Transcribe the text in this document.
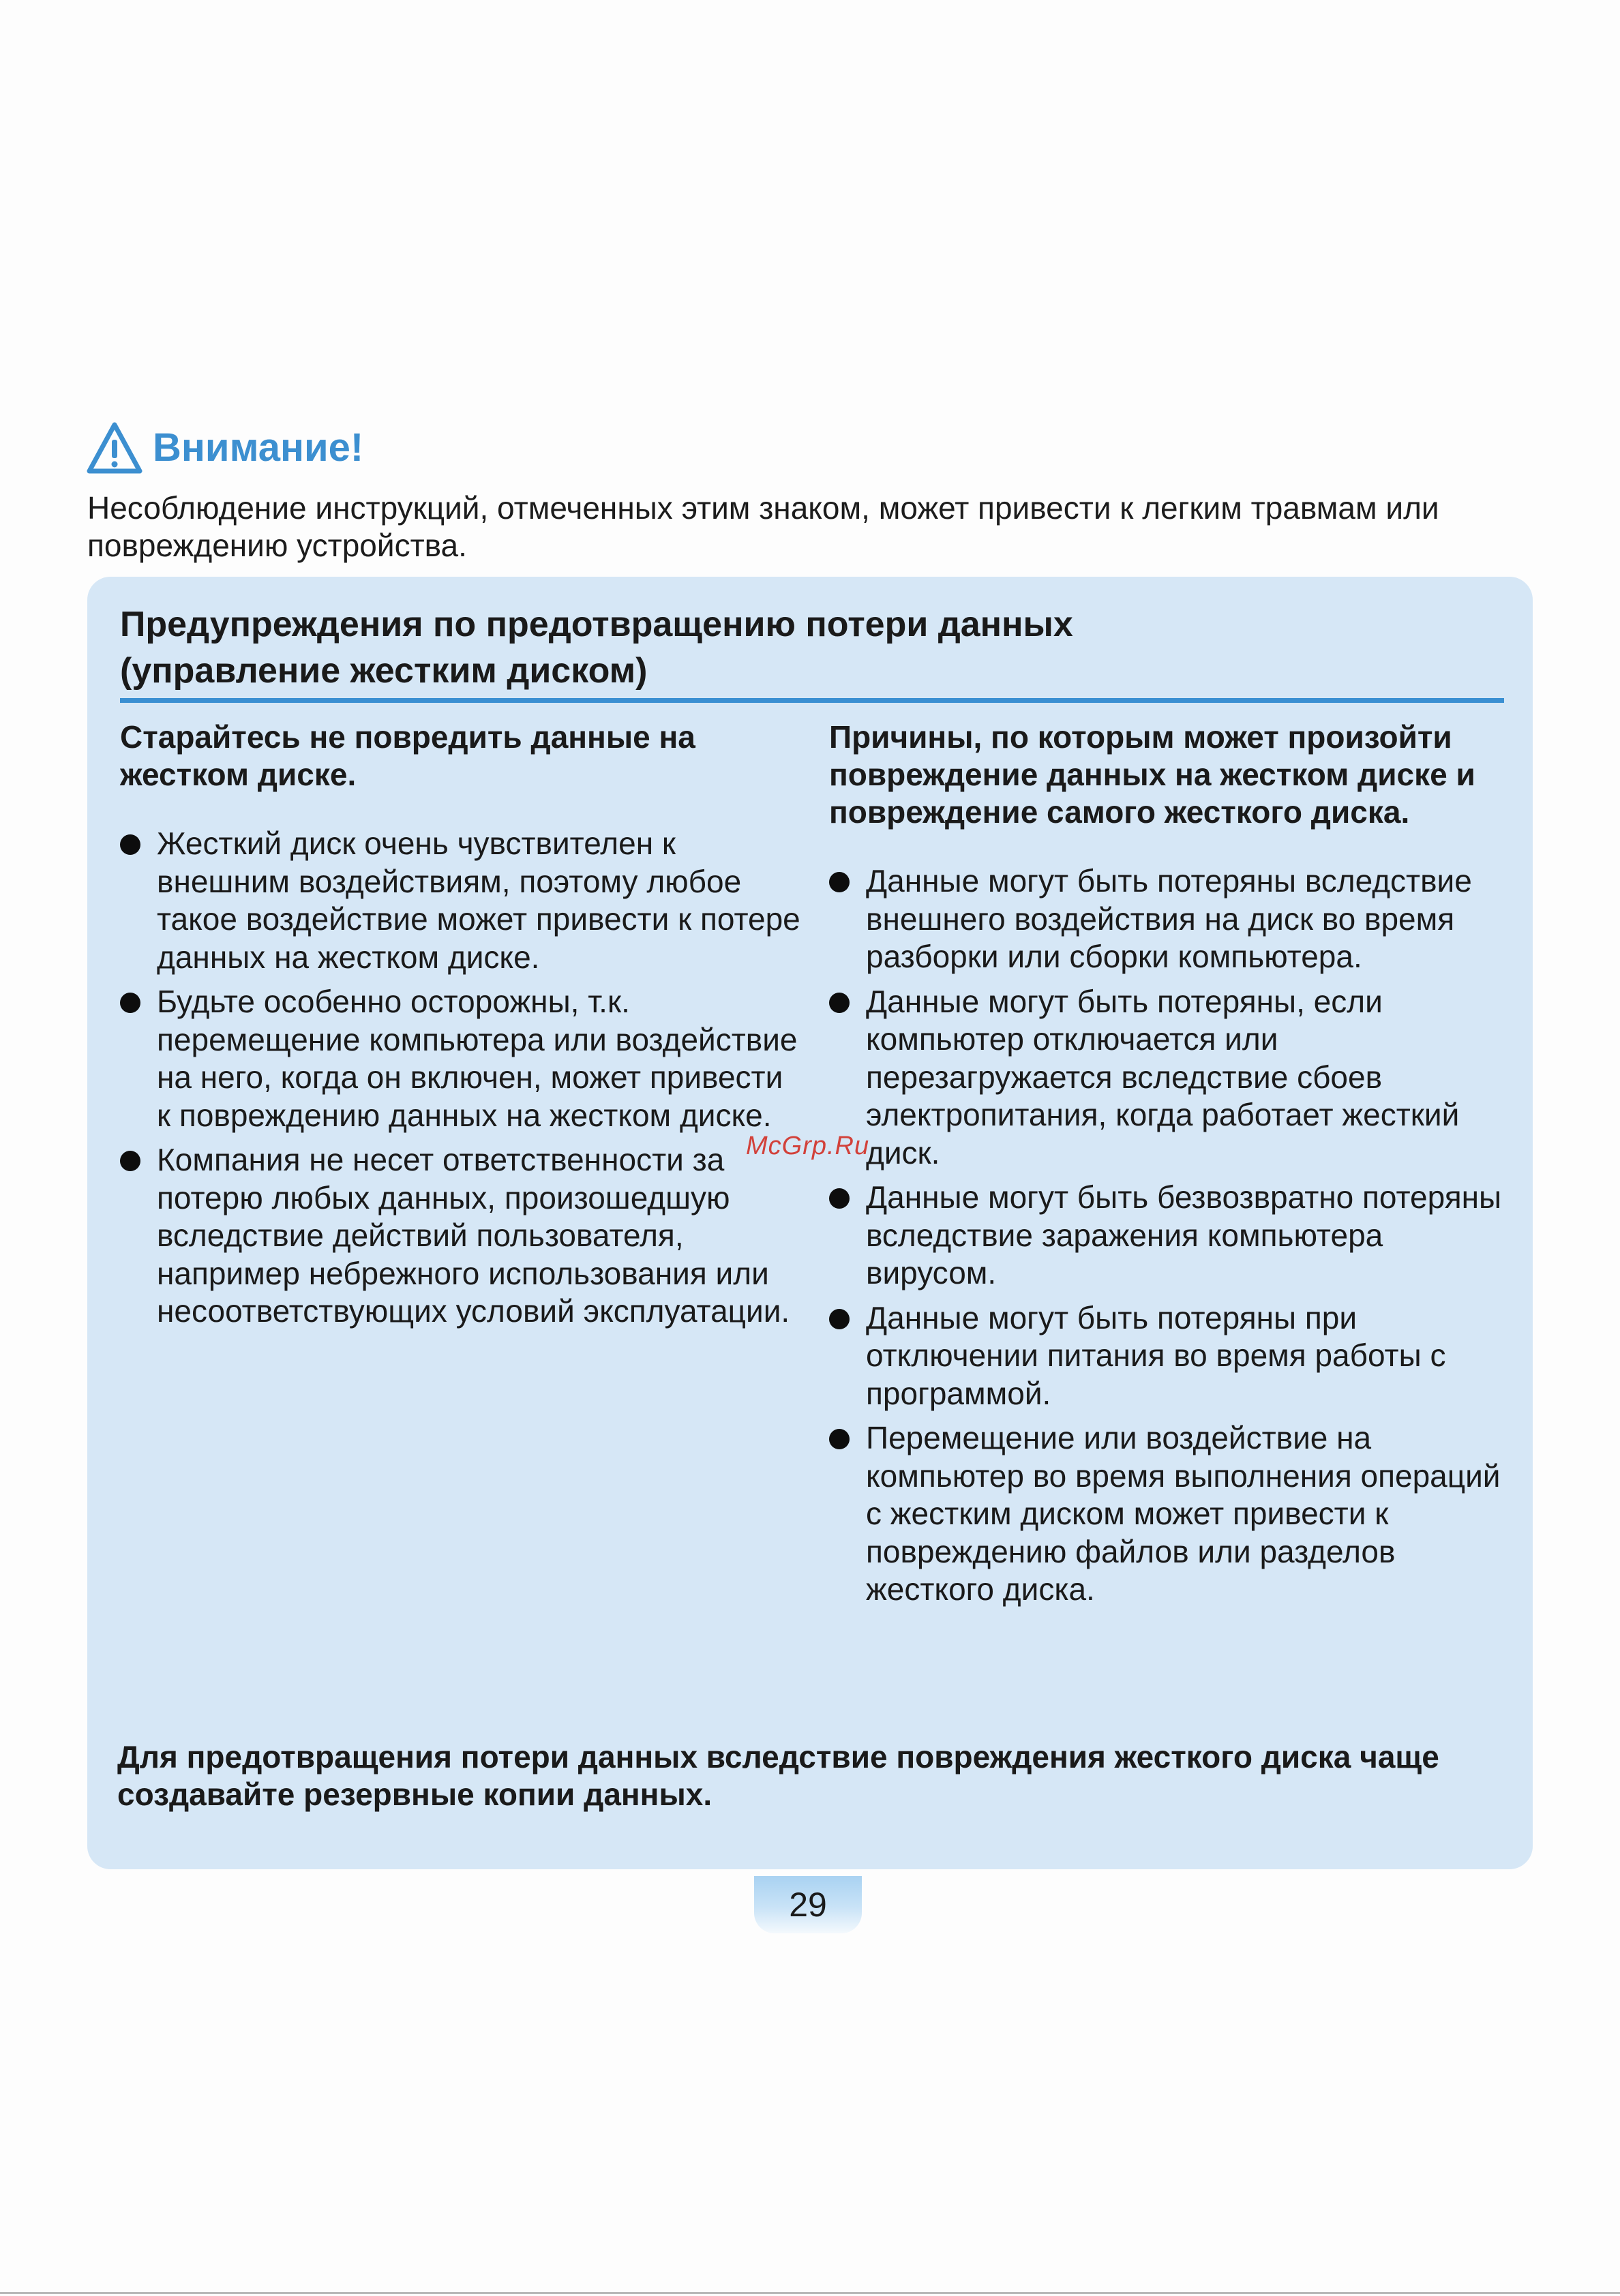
Внимание!

Несоблюдение инструкций, отмеченных этим знаком, может привести к легким травмам или повреждению устройства.

Предупреждения по предотвращению потери данных
(управление жестким диском)
Старайтесь не повредить данные на жестком диске.
Жесткий диск очень чувствителен к внешним воздействиям, поэтому любое такое воздействие может привести к потере данных на жестком диске.
Будьте особенно осторожны, т.к. перемещение компьютера или воздействие на него, когда он включен, может привести к повреждению данных на жестком диске.
Компания не несет ответственности за потерю любых данных, произошедшую вследствие действий пользователя, например небрежного использования или несоответствующих условий эксплуатации.
Причины, по которым может произойти повреждение данных на жестком диске и повреждение самого жесткого диска.
Данные могут быть потеряны вследствие внешнего воздействия на диск во время разборки или сборки компьютера.
Данные могут быть потеряны, если компьютер отключается или перезагружается вследствие сбоев электропитания, когда работает жесткий диск.
Данные могут быть безвозвратно потеряны вследствие заражения компьютера вирусом.
Данные могут быть потеряны при отключении питания во время работы с программой.
Перемещение или воздействие на компьютер во время выполнения операций с жестким диском может привести к повреждению файлов или разделов жесткого диска.

Для предотвращения потери данных вследствие повреждения жесткого диска чаще создавайте резервные копии данных.

McGrp.Ru
29
